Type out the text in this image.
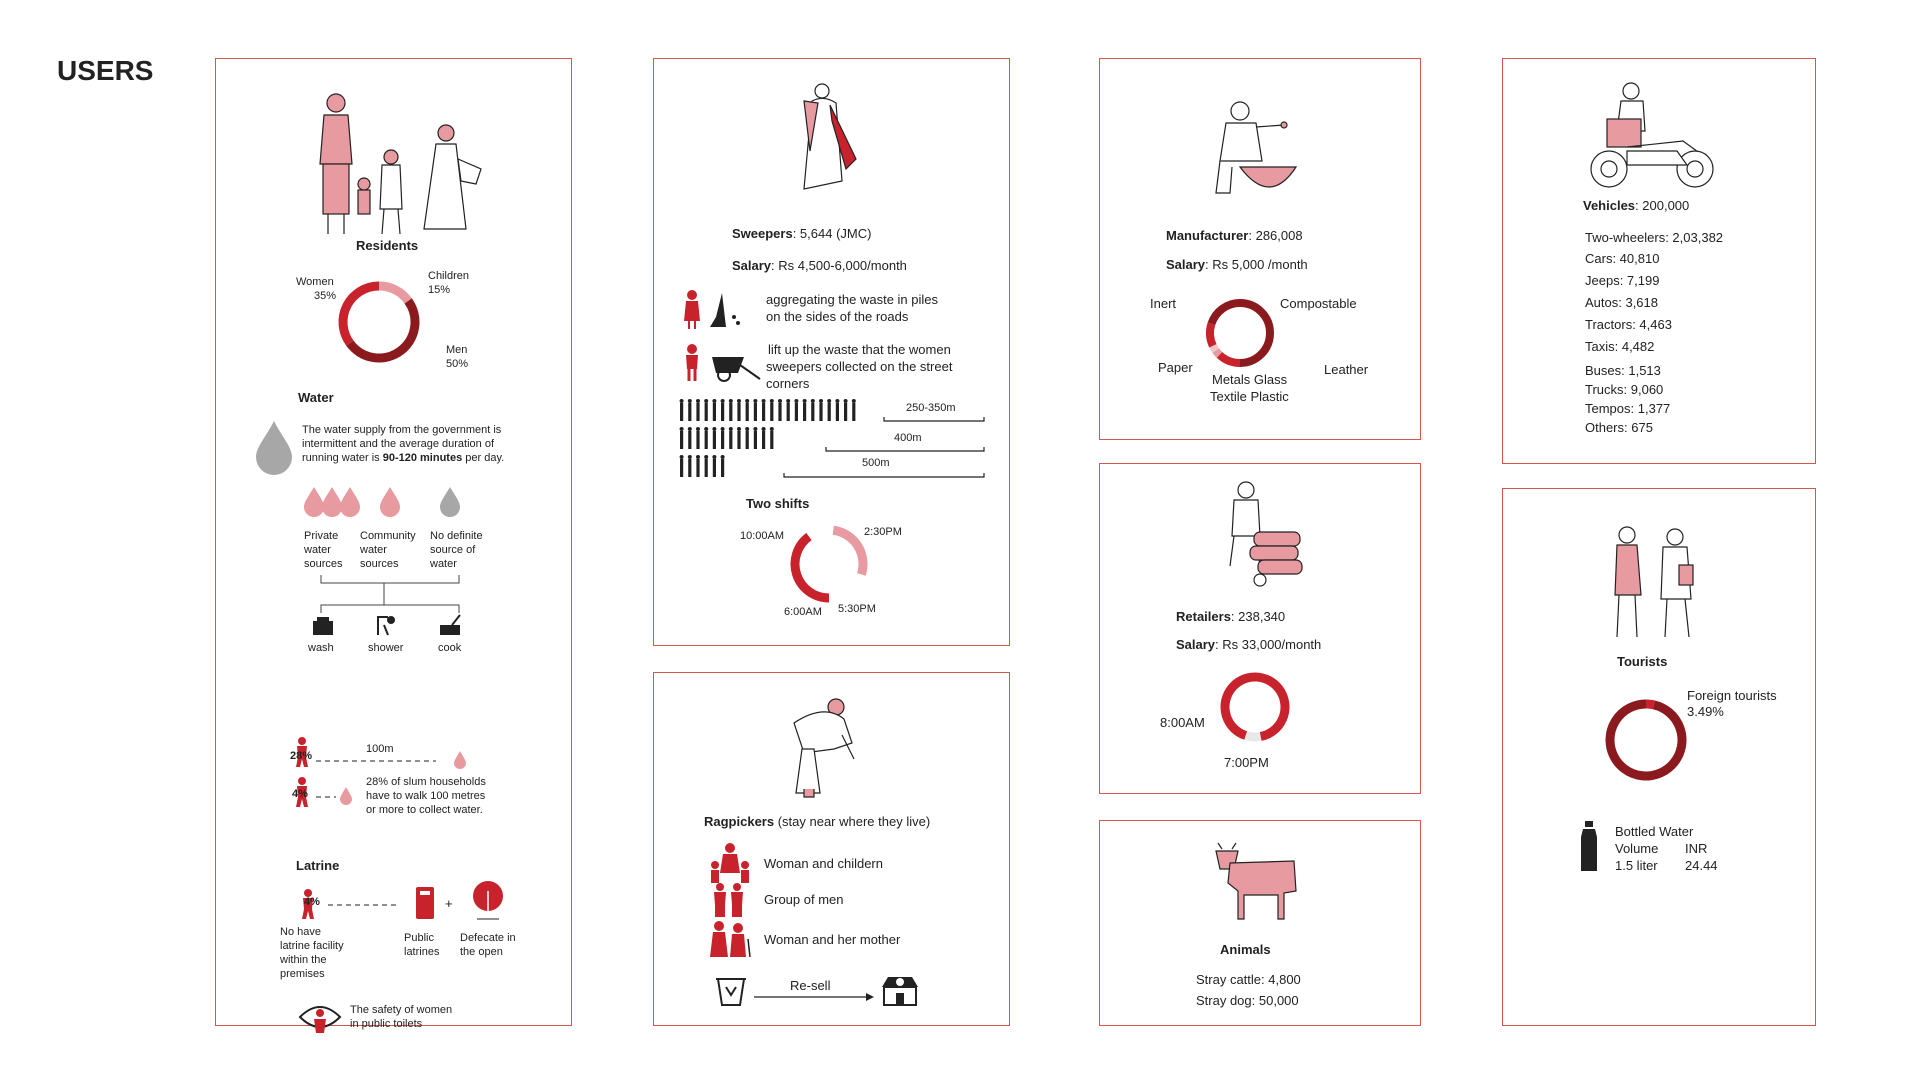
USERS
Residents
Women
35%
Children
15%
Men
50%
Water
The water supply from the government is
intermittent and the average duration of
running water is 90-120 minutes per day.
Private
water
sources
Community
water
sources
No definite
source of
water
wash	shower	cook
28%
4%
100m
28% of slum households
have to walk 100 metres
or more to collect water.
Latrine
4%	+
No have
latrine facility
within the
premises
Public
latrines
Defecate in
the open
The safety of women
in public toilets
Sweepers: 5,644 (JMC)
Salary: Rs 4,500-6,000/month
aggregating the waste in piles
on the sides of the roads
lift up the waste that the women
sweepers collected on the street
corners
250-350m
400m
500m
Two shifts
10:00AM	2:30PM
6:00AM 5:30PM
Ragpickers (stay near where they live)
Woman and childern
Group of men
Woman and her mother
Re-sell
Manufacturer: 286,008
Salary: Rs 5,000 /month
Inert	Compostable
Paper	Leather
Metals Glass
Textile Plastic
Retailers: 238,340
Salary: Rs 33,000/month
8:00AM
7:00PM
Animals
Stray cattle: 4,800
Stray dog: 50,000
Vehicles: 200,000
Two-wheelers: 2,03,382
Cars: 40,810
Jeeps: 7,199
Autos: 3,618
Tractors: 4,463
Taxis: 4,482
Buses: 1,513
Trucks: 9,060
Tempos: 1,377
Others: 675
Tourists
Foreign tourists
3.49%
Bottled Water
Volume INR
1.5 liter 24.44
